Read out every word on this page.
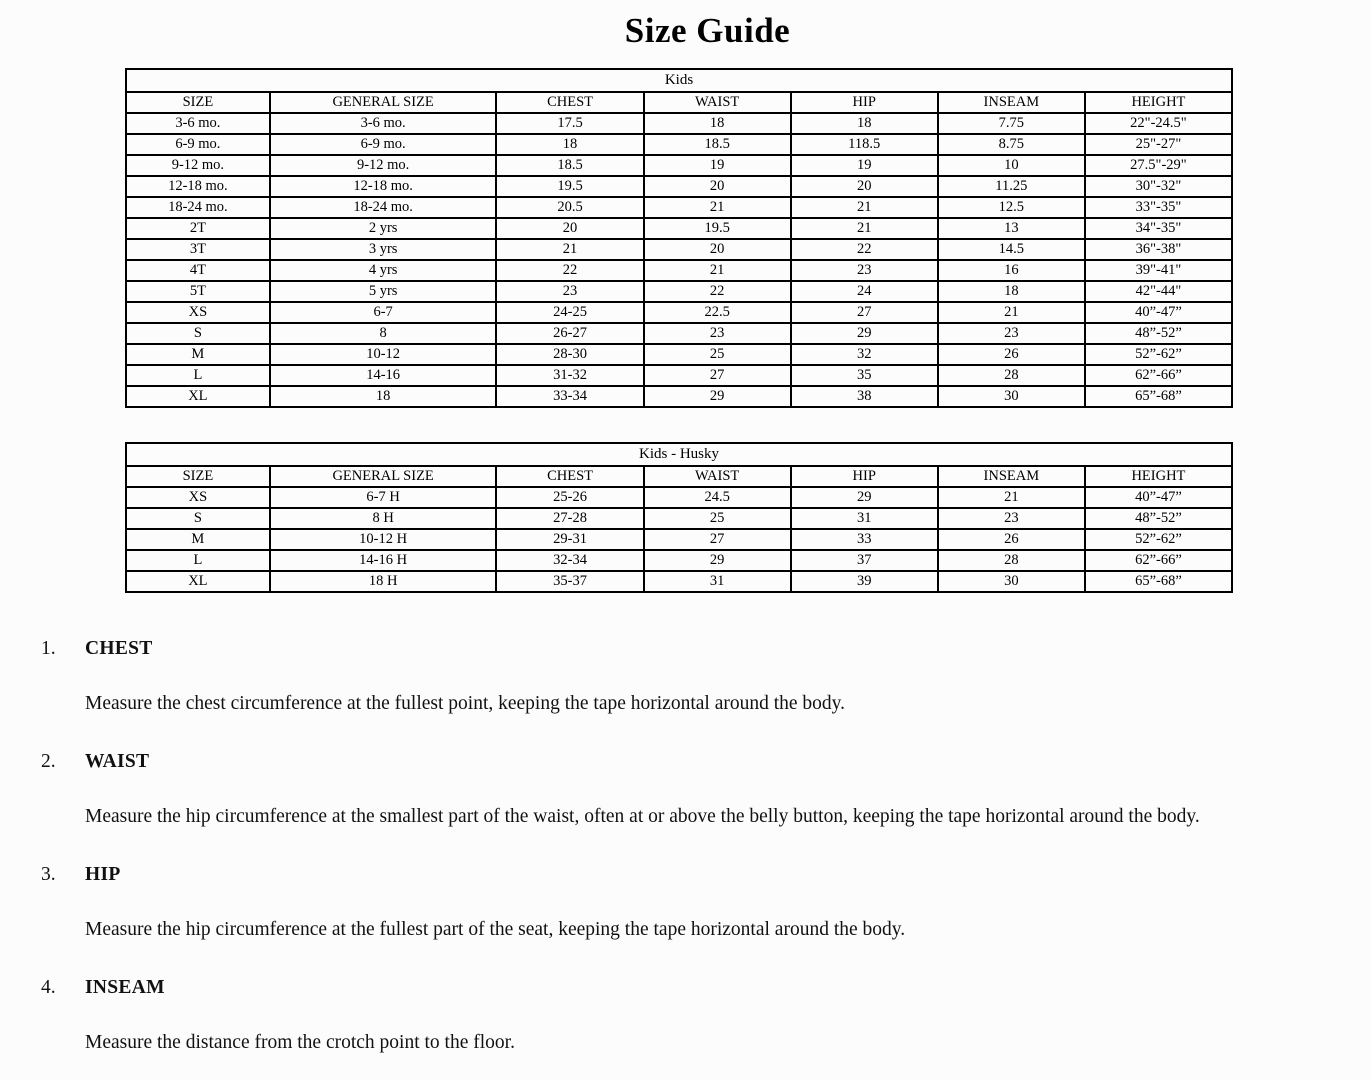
Size Guide
Kids						
SIZE	GENERAL SIZE	CHEST	WAIST	HIP	INSEAM	HEIGHT
3-6 mo.	3-6 mo.	17.5	18	18	7.75	22"-24.5"
6-9 mo.	6-9 mo.	18	18.5	118.5	8.75	25"-27"
9-12 mo.	9-12 mo.	18.5	19	19	10	27.5"-29"
12-18 mo.	12-18 mo.	19.5	20	20	11.25	30"-32"
18-24 mo.	18-24 mo.	20.5	21	21	12.5	33"-35"
2T	2 yrs	20	19.5	21	13	34"-35"
3T	3 yrs	21	20	22	14.5	36"-38"
4T	4 yrs	22	21	23	16	39"-41"
5T	5 yrs	23	22	24	18	42"-44"
XS	6-7	24-25	22.5	27	21	40”-47”
S	8	26-27	23	29	23	48”-52”
M	10-12	28-30	25	32	26	52”-62”
L	14-16	31-32	27	35	28	62”-66”
XL	18	33-34	29	38	30	65”-68”
Kids - Husky						
SIZE	GENERAL SIZE	CHEST	WAIST	HIP	INSEAM	HEIGHT
XS	6-7 H	25-26	24.5	29	21	40”-47”
S	8 H	27-28	25	31	23	48”-52”
M	10-12 H	29-31	27	33	26	52”-62”
L	14-16 H	32-34	29	37	28	62”-66”
XL	18 H	35-37	31	39	30	65”-68”
1.	CHEST

Measure the chest circumference at the fullest point, keeping the tape horizontal around the body.

2.	WAIST

Measure the hip circumference at the smallest part of the waist, often at or above the belly button, keeping the tape horizontal around the body.

3.	HIP

Measure the hip circumference at the fullest part of the seat, keeping the tape horizontal around the body.

4.	INSEAM

Measure the distance from the crotch point to the floor.
